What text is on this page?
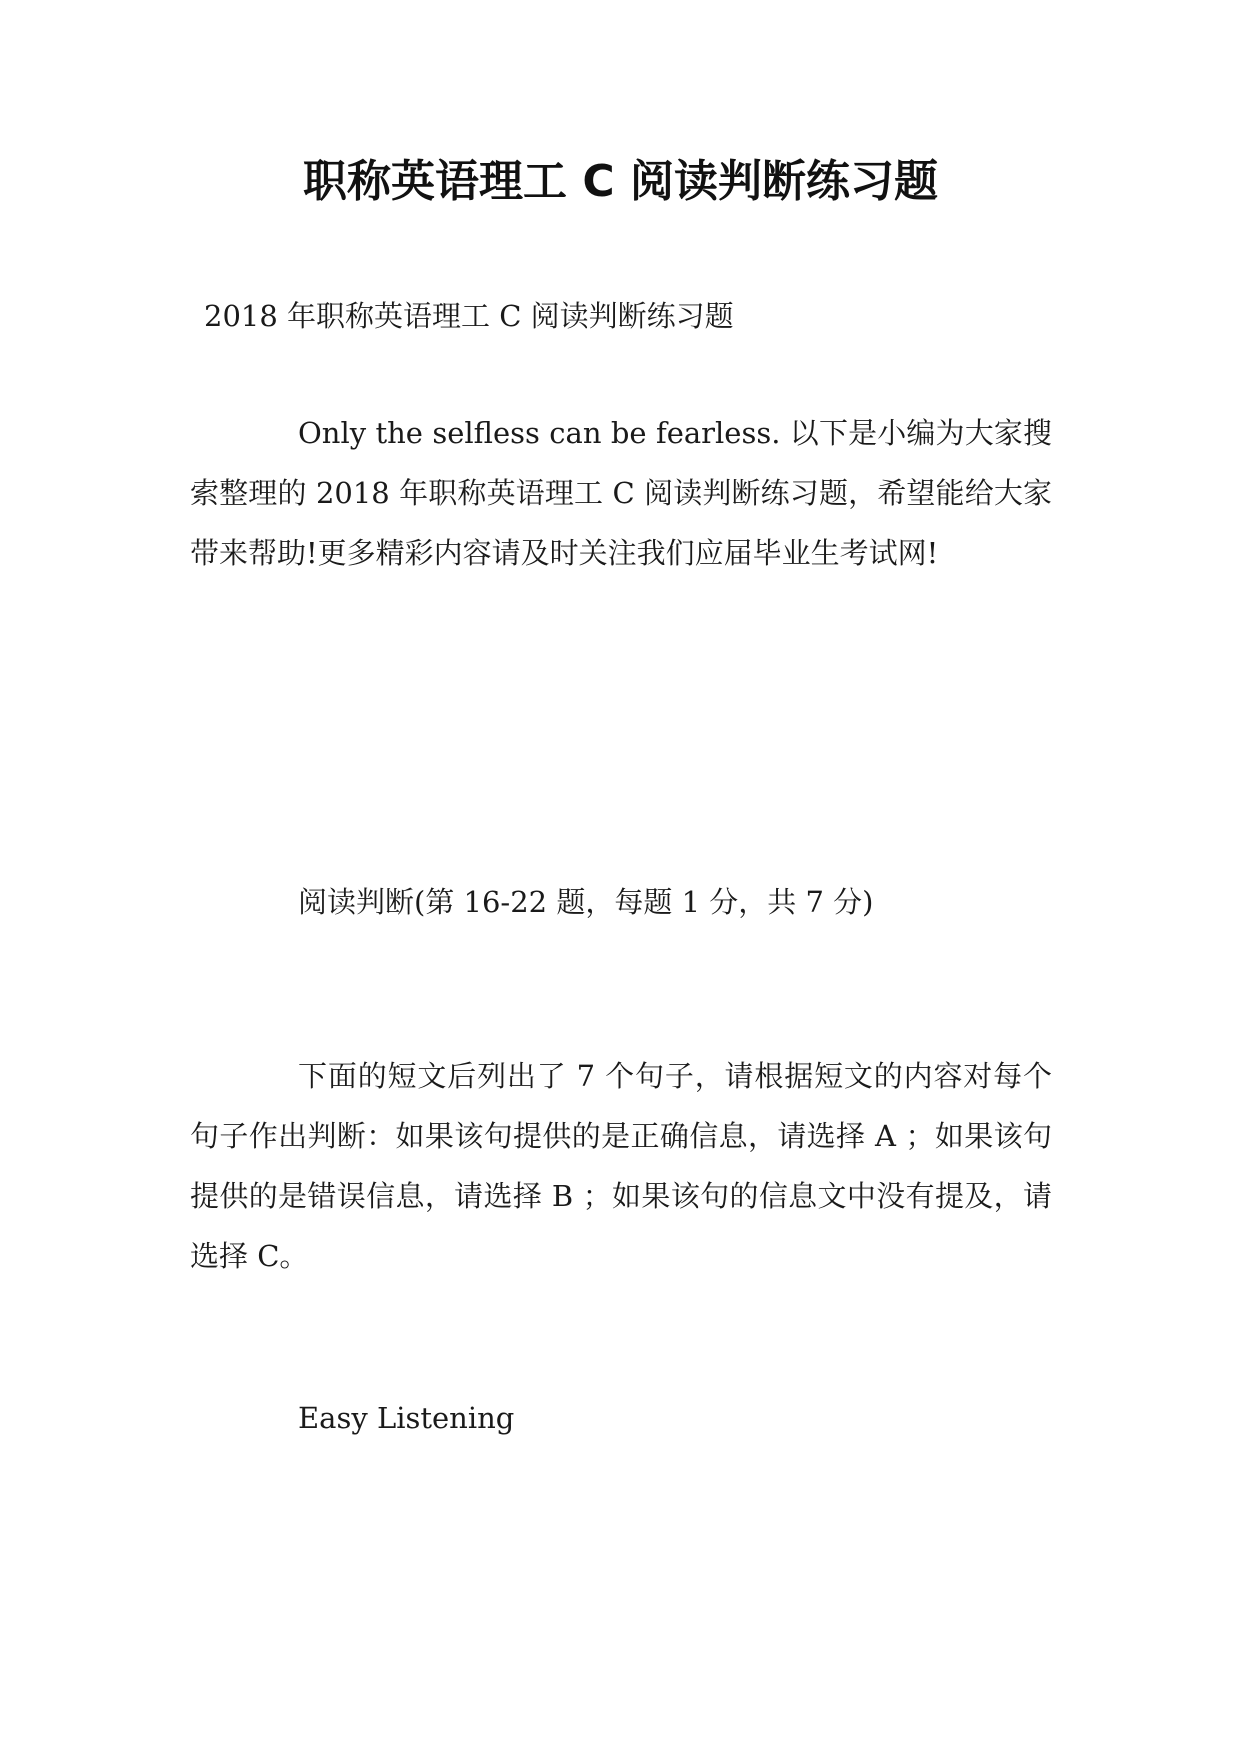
职称英语理工 C 阅读判断练习题
2018 年职称英语理工 C 阅读判断练习题
Only the selfless can be fearless. 以下是小编为大家搜索整理的 2018 年职称英语理工 C 阅读判断练习题，希望能给大家带来帮助!更多精彩内容请及时关注我们应届毕业生考试网!
阅读判断(第 16-22 题，每题 1 分，共 7 分)
下面的短文后列出了 7 个句子，请根据短文的内容对每个句子作出判断：如果该句提供的是正确信息，请选择 A ；如果该句提供的是错误信息，请选择 B ；如果该句的信息文中没有提及，请选择 C。
Easy Listening
